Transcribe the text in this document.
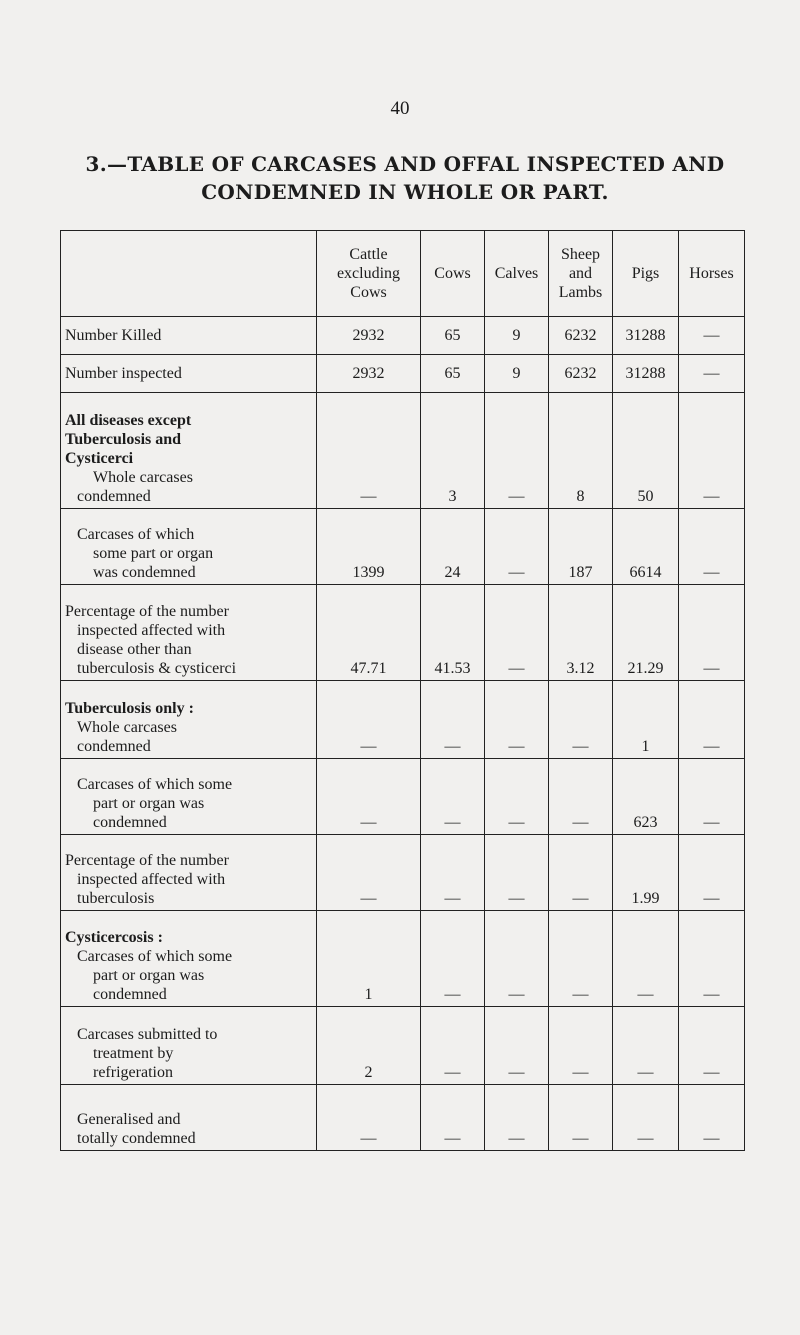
40
3.—TABLE OF CARCASES AND OFFAL INSPECTED AND
CONDEMNED IN WHOLE OR PART.

	Cattle
excluding
Cows	Cows	Calves	Sheep
and
Lambs	Pigs	Horses
Number Killed	2932	65	9	6232	31288	—
Number inspected	2932	65	9	6232	31288	—

All diseases except
Tuberculosis and
Cysticerci
Whole carcases
condemned	—	3	—	8	50	—

Carcases of which
some part or organ
was condemned	1399	24	—	187	6614	—

Percentage of the number
inspected affected with
disease other than
tuberculosis & cysticerci	47.71	41.53	—	3.12	21.29	—

Tuberculosis only :
Whole carcases
condemned	—	—	—	—	1	—

Carcases of which some
part or organ was
condemned	—	—	—	—	623	—

Percentage of the number
inspected affected with
tuberculosis	—	—	—	—	1.99	—

Cysticercosis :
Carcases of which some
part or organ was
condemned	1	—	—	—	—	—

Carcases submitted to
treatment by
refrigeration	2	—	—	—	—	—

Generalised and
totally condemned	—	—	—	—	—	—
